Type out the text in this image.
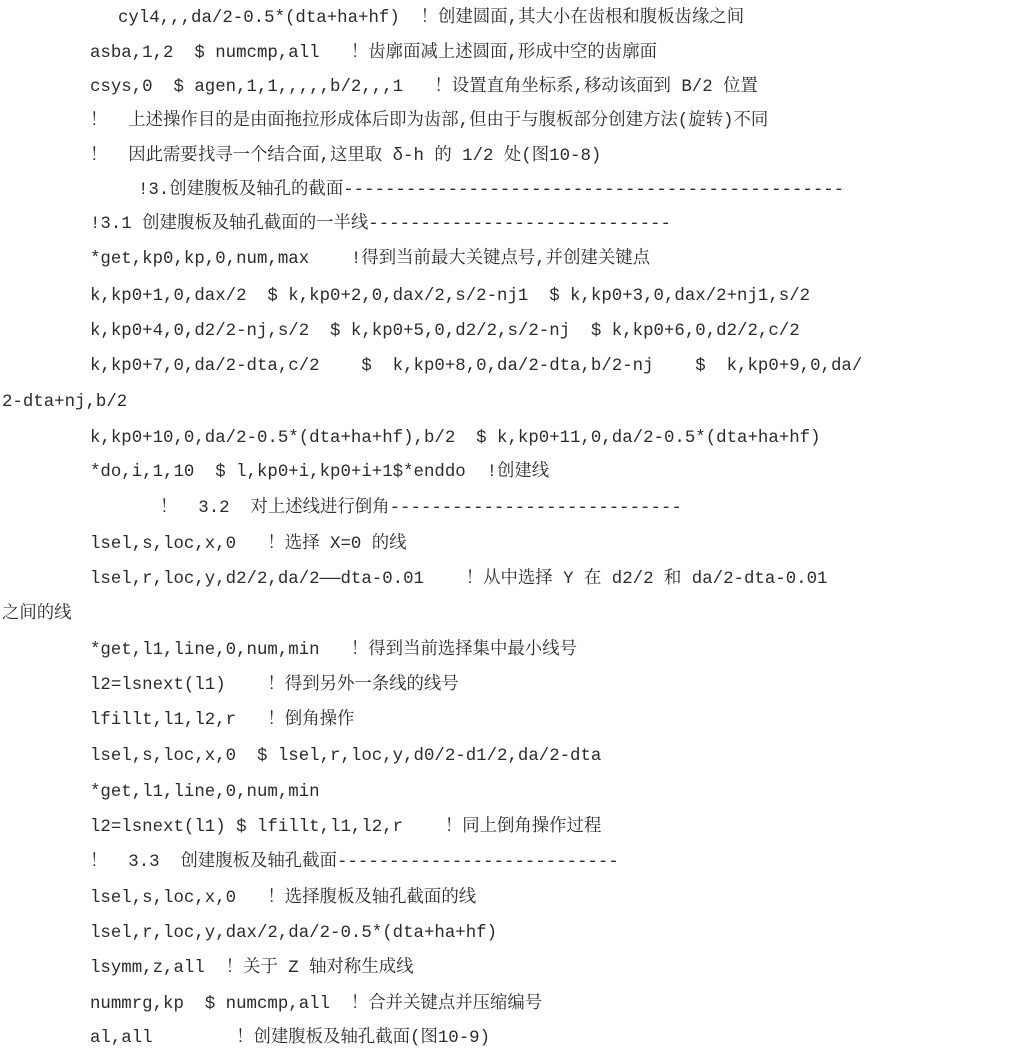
cyl4,,,da/2-0.5*(dta+ha+hf)  ！创建圆面,其大小在齿根和腹板齿缘之间
asba,1,2  $ numcmp,all   ！齿廓面减上述圆面,形成中空的齿廓面
csys,0  $ agen,1,1,,,,,b/2,,,1   ！设置直角坐标系,移动该面到 B/2 位置
！  上述操作目的是由面拖拉形成体后即为齿部,但由于与腹板部分创建方法(旋转)不同
！  因此需要找寻一个结合面,这里取 δ-h 的 1/2 处(图10-8)
!3.创建腹板及轴孔的截面------------------------------------------------
!3.1 创建腹板及轴孔截面的一半线-----------------------------
*get,kp0,kp,0,num,max    !得到当前最大关键点号,并创建关键点
k,kp0+1,0,dax/2  $ k,kp0+2,0,dax/2,s/2-nj1  $ k,kp0+3,0,dax/2+nj1,s/2
k,kp0+4,0,d2/2-nj,s/2  $ k,kp0+5,0,d2/2,s/2-nj  $ k,kp0+6,0,d2/2,c/2
k,kp0+7,0,da/2-dta,c/2    $  k,kp0+8,0,da/2-dta,b/2-nj    $  k,kp0+9,0,da/
2-dta+nj,b/2
k,kp0+10,0,da/2-0.5*(dta+ha+hf),b/2  $ k,kp0+11,0,da/2-0.5*(dta+ha+hf)
*do,i,1,10  $ l,kp0+i,kp0+i+1$*enddo  !创建线
！  3.2  对上述线进行倒角----------------------------
lsel,s,loc,x,0   ！选择 X=0 的线
lsel,r,loc,y,d2/2,da/2——dta-0.01    ！从中选择 Y 在 d2/2 和 da/2-dta-0.01
之间的线
*get,l1,line,0,num,min   ！得到当前选择集中最小线号
l2=lsnext(l1)    ！得到另外一条线的线号
lfillt,l1,l2,r   ！倒角操作
lsel,s,loc,x,0  $ lsel,r,loc,y,d0/2-d1/2,da/2-dta
*get,l1,line,0,num,min
l2=lsnext(l1) $ lfillt,l1,l2,r    ！同上倒角操作过程
！  3.3  创建腹板及轴孔截面---------------------------
lsel,s,loc,x,0   ！选择腹板及轴孔截面的线
lsel,r,loc,y,dax/2,da/2-0.5*(dta+ha+hf)
lsymm,z,all  ！关于 Z 轴对称生成线
nummrg,kp  $ numcmp,all  ！合并关键点并压缩编号
al,all        ！创建腹板及轴孔截面(图10-9)
